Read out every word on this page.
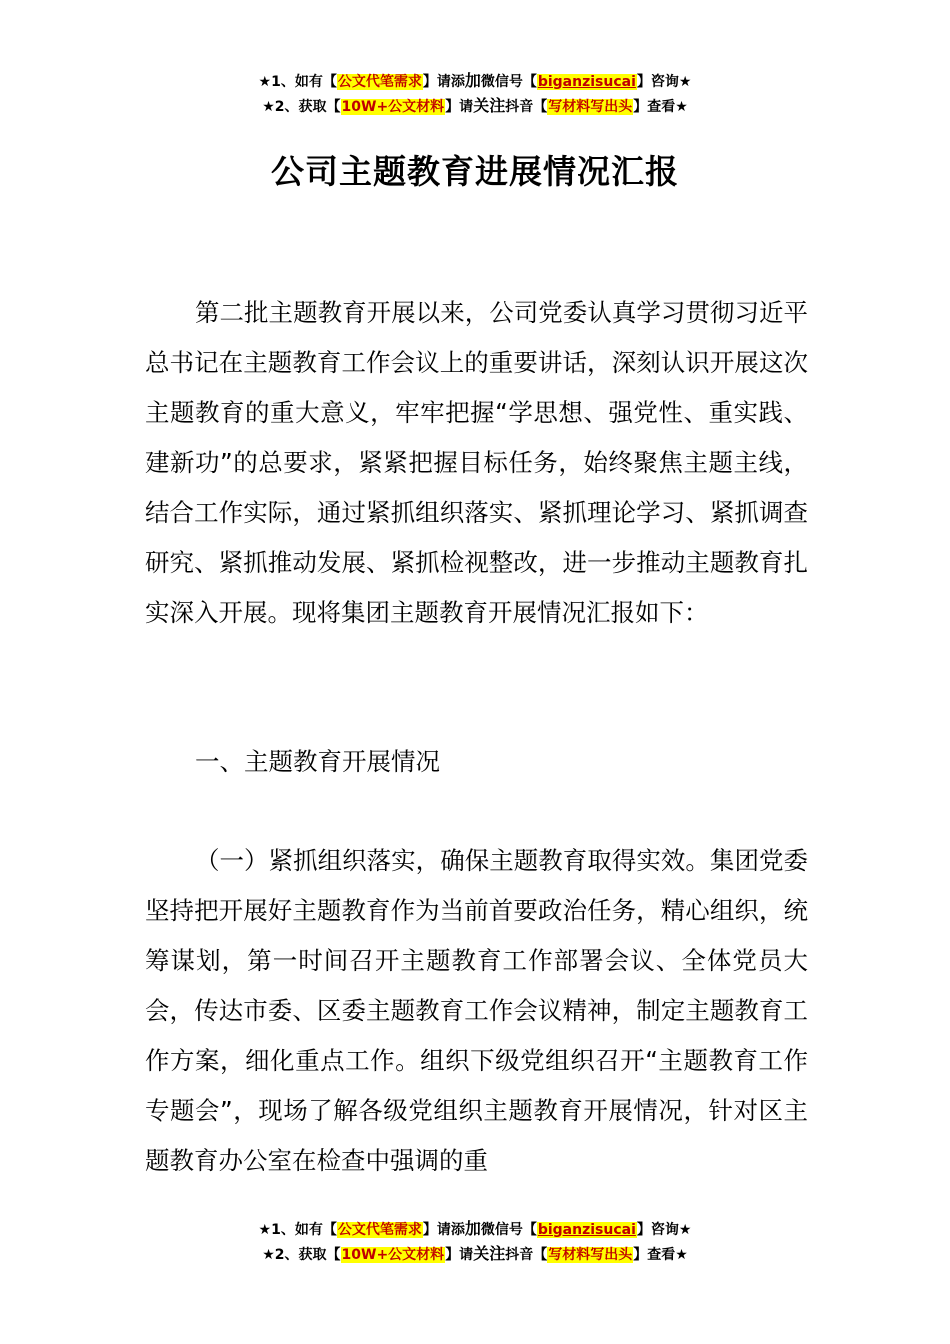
★1、如有【公文代笔需求】请添加微信号【biganzisucai】咨询★
★2、获取【10W+公文材料】请关注抖音【写材料写出头】查看★
公司主题教育进展情况汇报

第二批主题教育开展以来，公司党委认真学习贯彻习近平总书记在主题教育工作会议上的重要讲话，深刻认识开展这次主题教育的重大意义，牢牢把握“学思想、强党性、重实践、建新功”的总要求，紧紧把握目标任务，始终聚焦主题主线，结合工作实际，通过紧抓组织落实、紧抓理论学习、紧抓调查研究、紧抓推动发展、紧抓检视整改，进一步推动主题教育扎实深入开展。现将集团主题教育开展情况汇报如下：

一、主题教育开展情况

（一）紧抓组织落实，确保主题教育取得实效。集团党委坚持把开展好主题教育作为当前首要政治任务，精心组织，统筹谋划，第一时间召开主题教育工作部署会议、全体党员大会，传达市委、区委主题教育工作会议精神，制定主题教育工作方案，细化重点工作。组织下级党组织召开“主题教育工作专题会”，现场了解各级党组织主题教育开展情况，针对区主题教育办公室在检查中强调的重

★1、如有【公文代笔需求】请添加微信号【biganzisucai】咨询★
★2、获取【10W+公文材料】请关注抖音【写材料写出头】查看★
